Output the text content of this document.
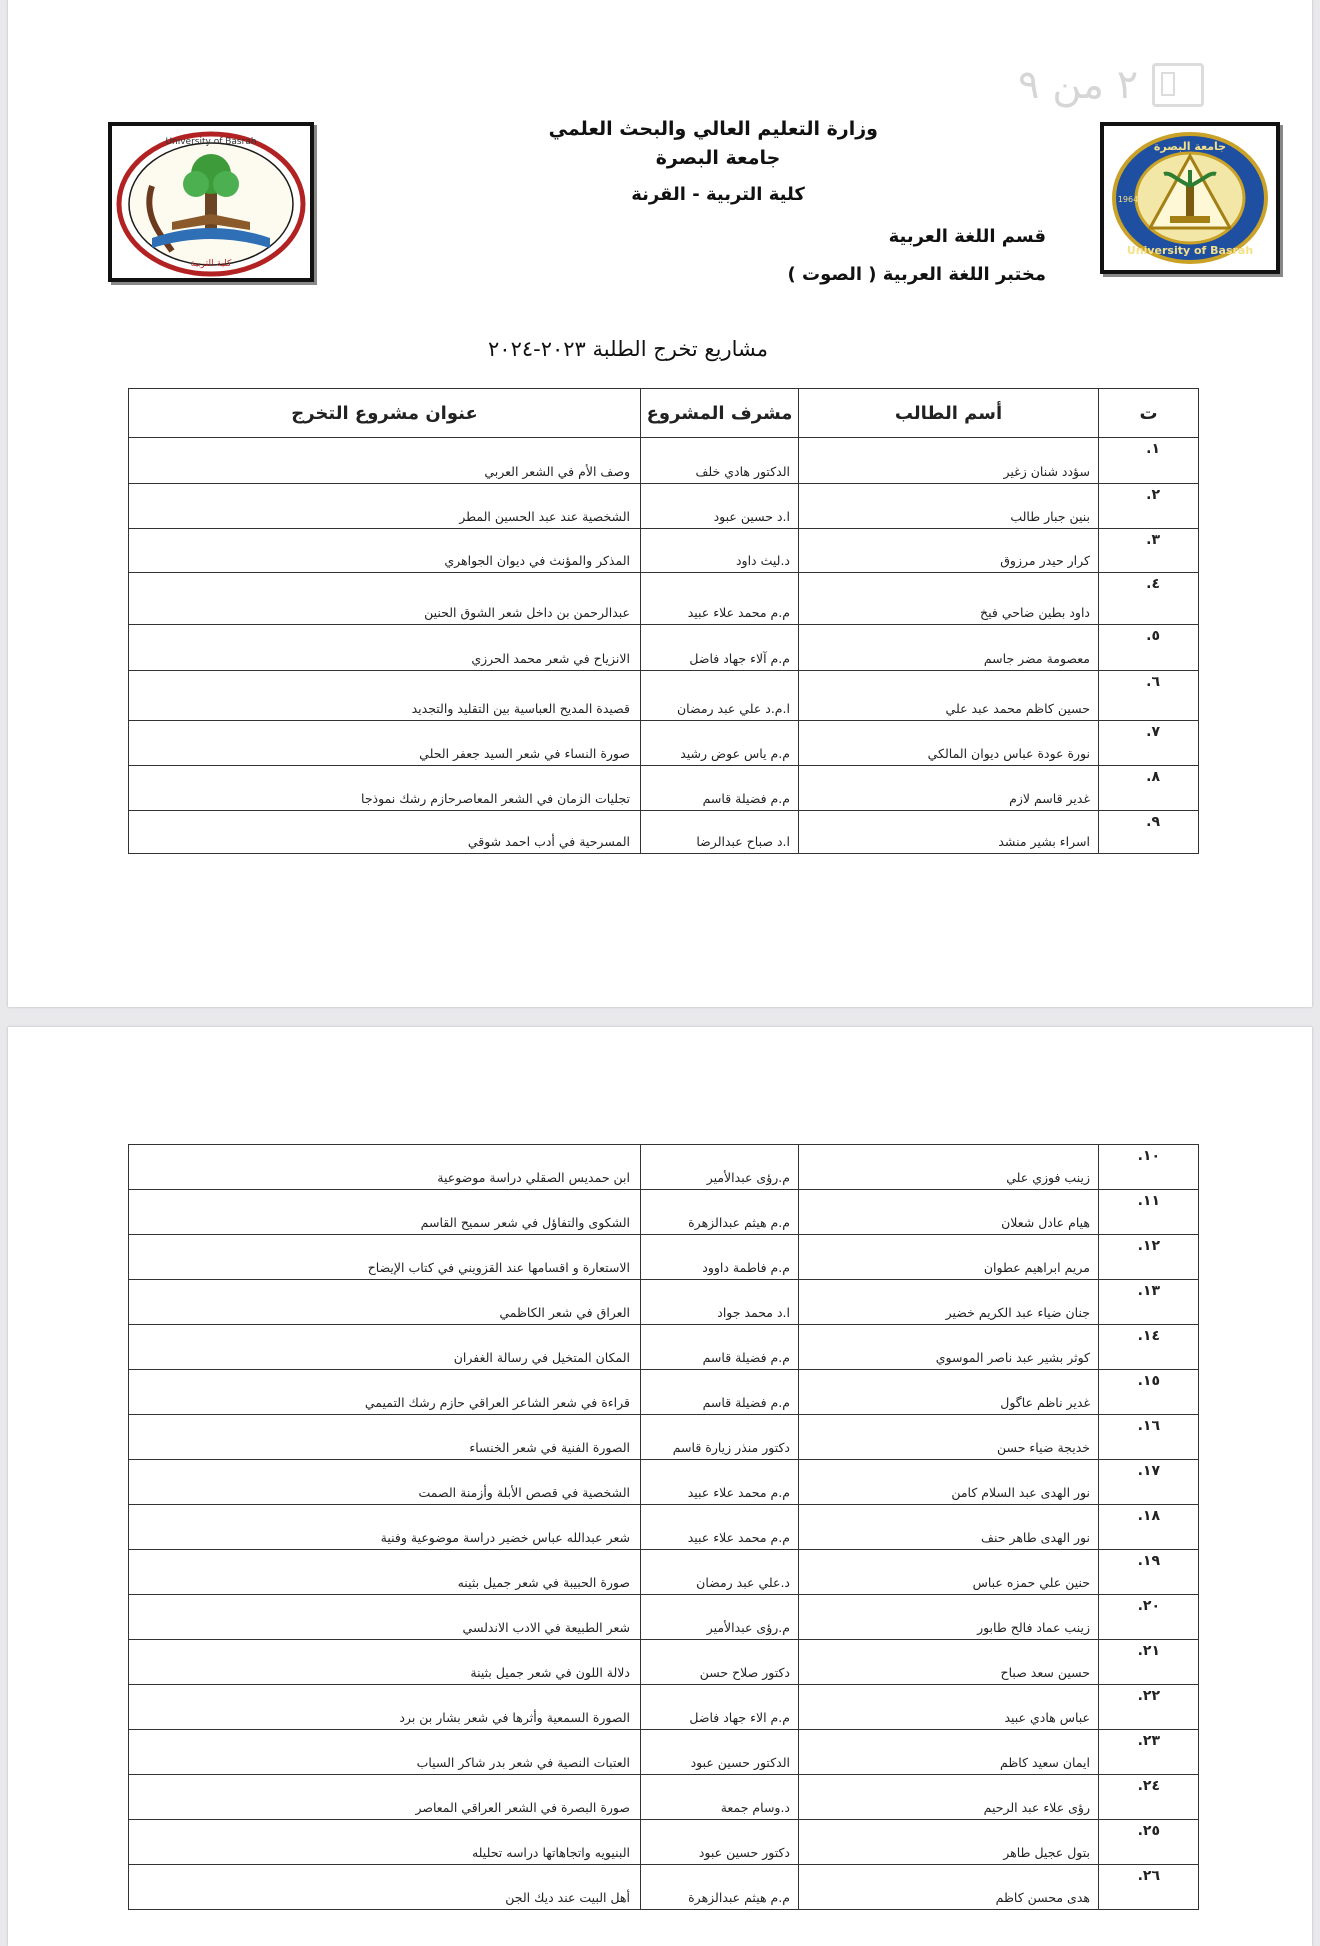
٢ من ٩
University of Basrah
كلية التربية
جامعة البصرة
University of Basrah
1964
وزارة التعليم العالي والبحث العلمي
جامعة البصرة
كلية التربية - القرنة
قسم اللغة العربية
مختبر اللغة العربية ( الصوت )
مشاريع تخرج الطلبة ٢٠٢٣-٢٠٢٤
ت	أسم الطالب	مشرف المشروع	عنوان مشروع التخرج

١.	سؤدد شنان زغير	الدكتور هادي خلف	وصف الأم في الشعر العربي

٢.	بنين جبار طالب	ا.د حسين عبود	الشخصية عند عبد الحسين المطر

٣.	كرار حيدر مرزوق	د.ليث داود	المذكر والمؤنث في ديوان الجواهري

٤.	داود بطين ضاحي فيخ	م.م محمد علاء عبيد	عبدالرحمن بن داخل شعر الشوق الحنين

٥.	معصومة مضر جاسم	م.م آلاء جهاد فاضل	الانزياح في شعر محمد الحرزي

٦.	حسين كاظم محمد عبد علي	ا.م.د علي عبد رمضان	قصيدة المديح العباسية بين التقليد والتجديد

٧.	نورة عودة عباس ديوان المالكي	م.م ياس عوض رشيد	صورة النساء في شعر السيد جعفر الحلي

٨.	غدير قاسم لازم	م.م فضيلة قاسم	تجليات الزمان في الشعر المعاصرحازم رشك نموذجا

٩.	اسراء بشير منشد	ا.د صباح عبدالرضا	المسرحية في أدب احمد شوقي
١٠.	زينب فوزي علي	م.رؤى عبدالأمير	ابن حمديس الصقلي دراسة موضوعية

١١.	هيام عادل شعلان	م.م هيثم عبدالزهرة	الشكوى والتفاؤل في شعر سميح القاسم

١٢.	مريم ابراهيم عطوان	م.م فاطمة داوود	الاستعارة و اقسامها عند القزويني في كتاب الإيضاح

١٣.	جنان ضياء عبد الكريم خضير	ا.د محمد جواد	العراق في شعر الكاظمي

١٤.	كوثر بشير عبد ناصر الموسوي	م.م فضيلة قاسم	المكان المتخيل في رسالة الغفران

١٥.	غدير ناظم عاگول	م.م فضيلة قاسم	قراءة في شعر الشاعر العراقي حازم رشك التميمي

١٦.	خديجة ضياء حسن	دكتور منذر زيارة قاسم	الصورة الفنية في شعر الخنساء

١٧.	نور الهدى عبد السلام كامن	م.م محمد علاء عبيد	الشخصية في قصص الأبلة وأزمنة الصمت

١٨.	نور الهدى طاهر حنف	م.م محمد علاء عبيد	شعر عبدالله عباس خضير دراسة موضوعية وفنية

١٩.	حنين علي حمزه عباس	د.علي عبد رمضان	صورة الحبيبة في شعر جميل بثينه

٢٠.	زينب عماد فالح طابور	م.رؤى عبدالأمير	شعر الطبيعة في الادب الاندلسي

٢١.	حسين سعد صباح	دكتور صلاح حسن	دلالة اللون في شعر جميل بثينة

٢٢.	عباس هادي عبيد	م.م الاء جهاد فاضل	الصورة السمعية وأثرها في شعر بشار بن برد

٢٣.	ايمان سعيد كاظم	الدكتور حسين عبود	العتبات النصية في شعر بدر شاكر السياب

٢٤.	رؤى علاء عبد الرحيم	د.وسام جمعة	صورة البصرة في الشعر العراقي المعاصر

٢٥.	بتول عجيل طاهر	دكتور حسين عبود	البنيويه واتجاهاتها دراسه تحليله

٢٦.	هدى محسن كاظم	م.م هيثم عبدالزهرة	أهل البيت عند ديك الجن
